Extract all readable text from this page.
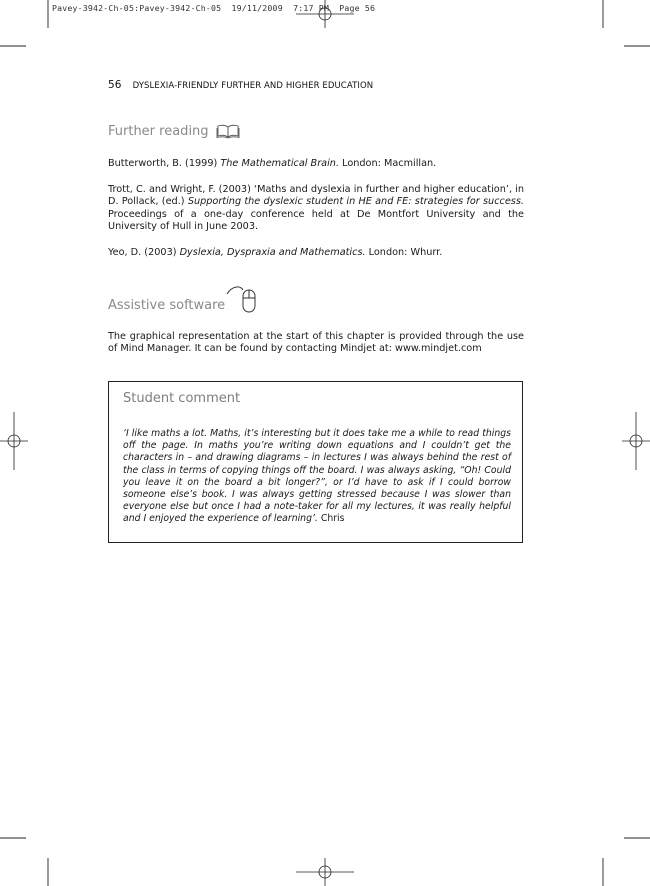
Pavey-3942-Ch-05:Pavey-3942-Ch-05  19/11/2009  7:17 PM  Page 56
56 DYSLEXIA-FRIENDLY FURTHER AND HIGHER EDUCATION
Further reading

Butterworth, B. (1999) The Mathematical Brain. London: Macmillan.

Trott, C. and Wright, F. (2003) ‘Maths and dyslexia in further and higher education’, in D. Pollack, (ed.) Supporting the dyslexic student in HE and FE: strategies for success. Proceedings of a one-day conference held at De Montfort University and the University of Hull in June 2003.

Yeo, D. (2003) Dyslexia, Dyspraxia and Mathematics. London: Whurr.

Assistive software

The graphical representation at the start of this chapter is provided through the use of Mind Manager. It can be found by contacting Mindjet at: www.mindjet.com

Student comment

‘I like maths a lot. Maths, it’s interesting but it does take me a while to read things off the page. In maths you’re writing down equations and I couldn’t get the characters in – and drawing diagrams – in lectures I was always behind the rest of the class in terms of copying things off the board. I was always asking, “Oh! Could you leave it on the board a bit longer?”, or I’d have to ask if I could borrow someone else’s book. I was always getting stressed because I was slower than everyone else but once I had a note-taker for all my lectures, it was really helpful and I enjoyed the experience of learning’. Chris
